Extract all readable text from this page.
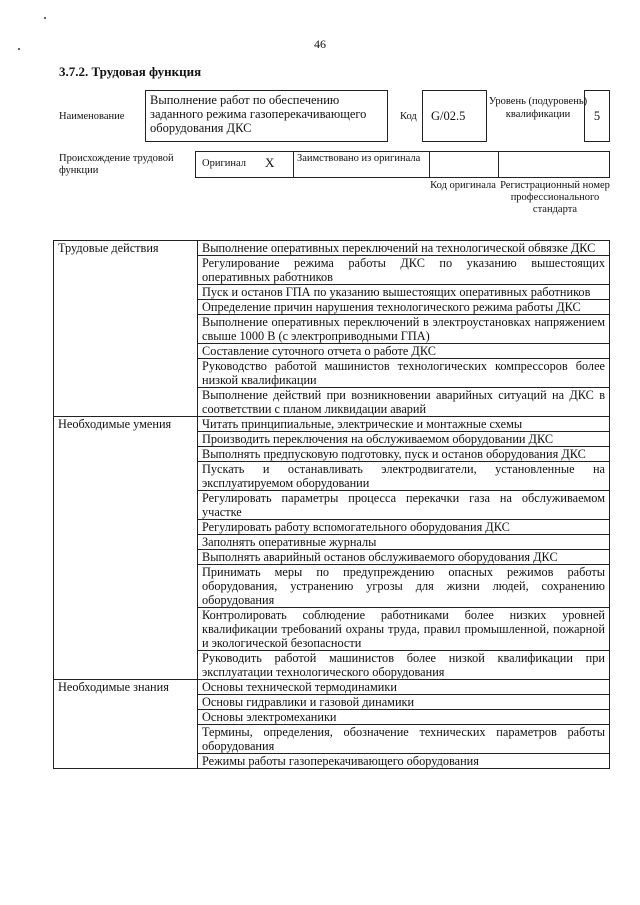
46
3.7.2. Трудовая функция
Наименование
Выполнение работ по обеспечению заданного режима газоперекачивающего оборудования ДКС
Код	G/02.5
Уровень (подуровень) квалификации	5
Происхождение трудовой функции
Оригинал X Заимствовано из оригинала
Код оригинала Регистрационный номер профессионального стандарта
Трудовые действия	Выполнение оперативных переключений на технологической обвязке ДКС
	Регулирование режима работы ДКС по указанию вышестоящих оперативных работников
	Пуск и останов ГПА по указанию вышестоящих оперативных работников
	Определение причин нарушения технологического режима работы ДКС
	Выполнение оперативных переключений в электроустановках напряжением свыше 1000 В (с электроприводными ГПА)
	Составление суточного отчета о работе ДКС
	Руководство работой машинистов технологических компрессоров более низкой квалификации
	Выполнение действий при возникновении аварийных ситуаций на ДКС в соответствии с планом ликвидации аварий
Необходимые умения	Читать принципиальные, электрические и монтажные схемы
	Производить переключения на обслуживаемом оборудовании ДКС
	Выполнять предпусковую подготовку, пуск и останов оборудования ДКС
	Пускать и останавливать электродвигатели, установленные на эксплуатируемом оборудовании
	Регулировать параметры процесса перекачки газа на обслуживаемом участке
	Регулировать работу вспомогательного оборудования ДКС
	Заполнять оперативные журналы
	Выполнять аварийный останов обслуживаемого оборудования ДКС
	Принимать меры по предупреждению опасных режимов работы оборудования, устранению угрозы для жизни людей, сохранению оборудования
	Контролировать соблюдение работниками более низких уровней квалификации требований охраны труда, правил промышленной, пожарной и экологической безопасности
	Руководить работой машинистов более низкой квалификации при эксплуатации технологического оборудования
Необходимые знания	Основы технической термодинамики
	Основы гидравлики и газовой динамики
	Основы электромеханики
	Термины, определения, обозначение технических параметров работы оборудования
	Режимы работы газоперекачивающего оборудования
